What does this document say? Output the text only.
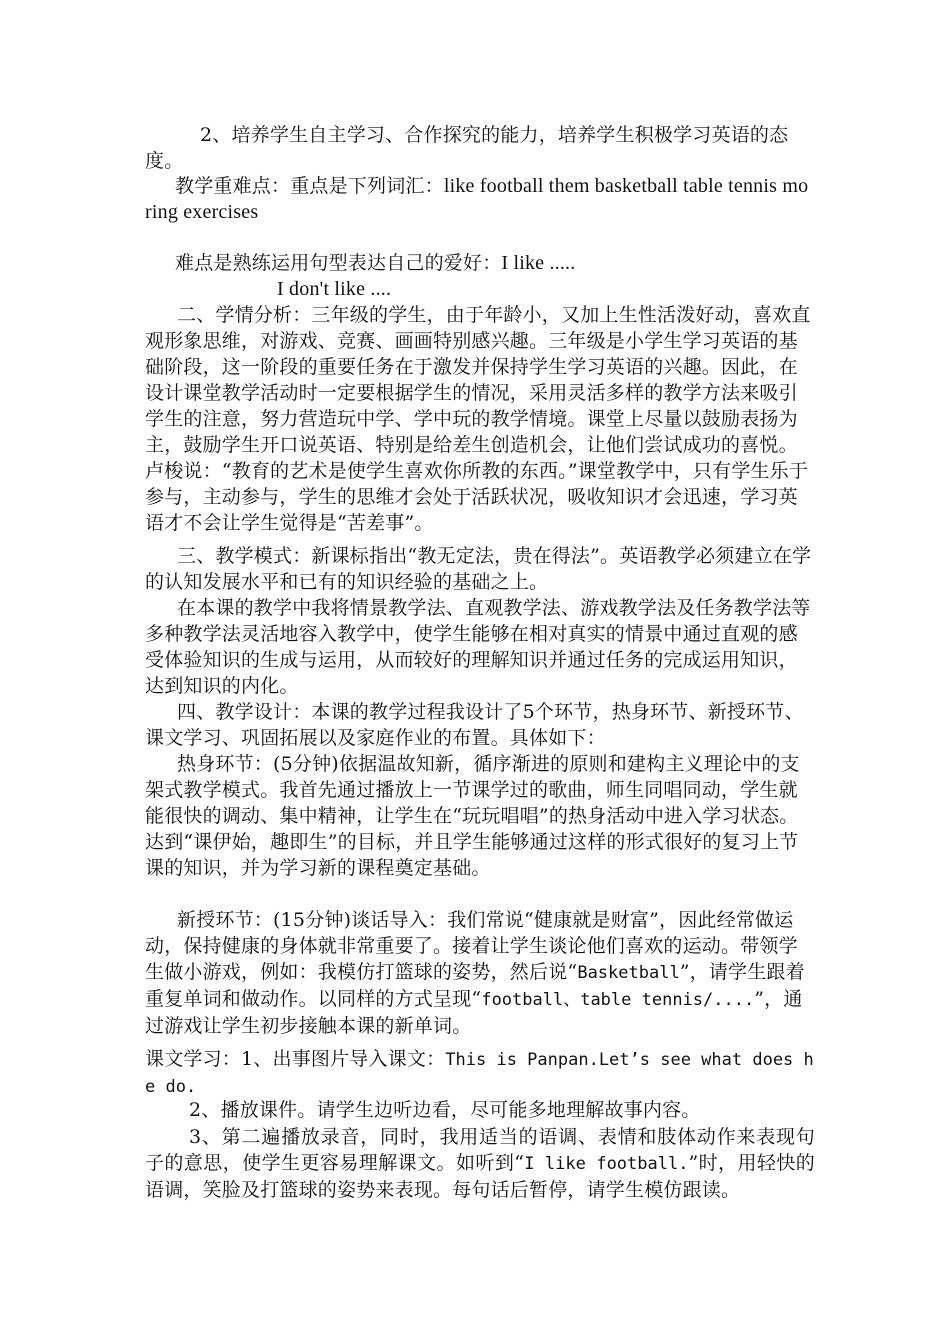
2、培养学生自主学习、合作探究的能力，培养学生积极学习英语的态度。
教学重难点：重点是下列词汇：like football them basketball table tennis moring exercises
难点是熟练运用句型表达自己的爱好：I like .....
I don't like ....
二、学情分析：三年级的学生，由于年龄小，又加上生性活泼好动，喜欢直观形象思维，对游戏、竞赛、画画特别感兴趣。三年级是小学生学习英语的基础阶段，这一阶段的重要任务在于激发并保持学生学习英语的兴趣。因此，在设计课堂教学活动时一定要根据学生的情况，采用灵活多样的教学方法来吸引学生的注意，努力营造玩中学、学中玩的教学情境。课堂上尽量以鼓励表扬为主，鼓励学生开口说英语、特别是给差生创造机会，让他们尝试成功的喜悦。卢梭说：“教育的艺术是使学生喜欢你所教的东西。”课堂教学中，只有学生乐于参与，主动参与，学生的思维才会处于活跃状况，吸收知识才会迅速，学习英语才不会让学生觉得是“苦差事”。
三、教学模式：新课标指出“教无定法，贵在得法”。英语教学必须建立在学的认知发展水平和已有的知识经验的基础之上。
在本课的教学中我将情景教学法、直观教学法、游戏教学法及任务教学法等多种教学法灵活地容入教学中，使学生能够在相对真实的情景中通过直观的感受体验知识的生成与运用，从而较好的理解知识并通过任务的完成运用知识，达到知识的内化。
四、教学设计：本课的教学过程我设计了5个环节，热身环节、新授环节、课文学习、巩固拓展以及家庭作业的布置。具体如下：
热身环节：(5分钟)依据温故知新，循序渐进的原则和建构主义理论中的支架式教学模式。我首先通过播放上一节课学过的歌曲，师生同唱同动，学生就能很快的调动、集中精神，让学生在“玩玩唱唱”的热身活动中进入学习状态。达到“课伊始，趣即生”的目标，并且学生能够通过这样的形式很好的复习上节课的知识，并为学习新的课程奠定基础。
新授环节：(15分钟)谈话导入：我们常说“健康就是财富”，因此经常做运动，保持健康的身体就非常重要了。接着让学生谈论他们喜欢的运动。带领学生做小游戏，例如：我模仿打篮球的姿势，然后说“Basketball”，请学生跟着重复单词和做动作。以同样的方式呈现“football、table tennis/....”，通过游戏让学生初步接触本课的新单词。
课文学习：1、出事图片导入课文：This is Panpan.Let’s see what does he do.
2、播放课件。请学生边听边看，尽可能多地理解故事内容。
3、第二遍播放录音，同时，我用适当的语调、表情和肢体动作来表现句子的意思，使学生更容易理解课文。如听到“I like football.”时，用轻快的语调，笑脸及打篮球的姿势来表现。每句话后暂停，请学生模仿跟读。
